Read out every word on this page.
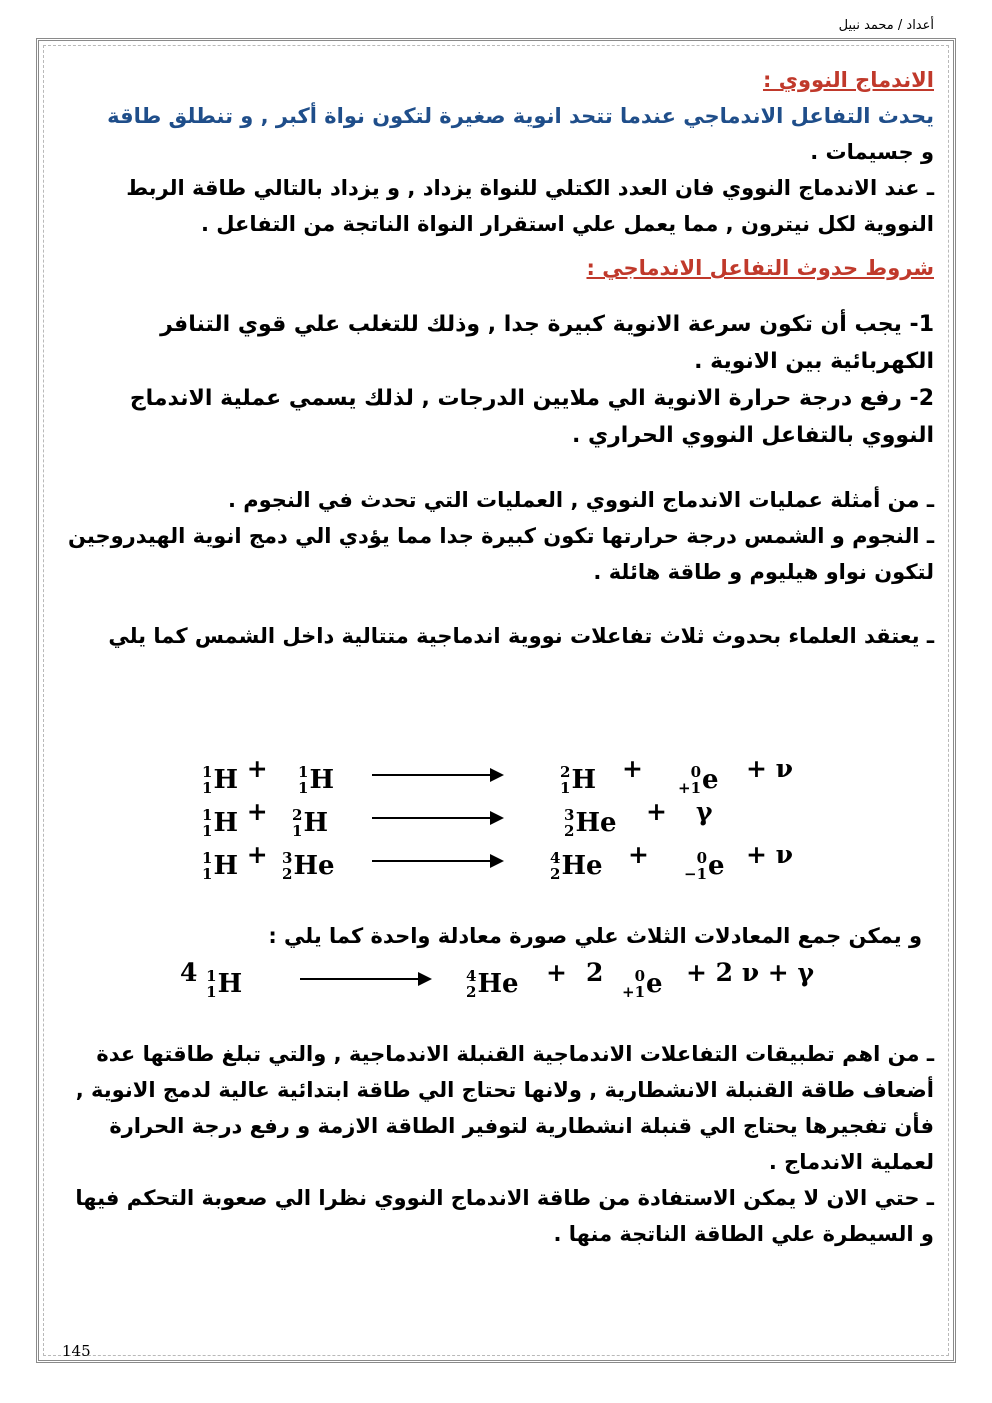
أعداد / محمد نبيل

الاندماج النووي :

يحدث التفاعل الاندماجي عندما تتحد انوية صغيرة لتكون نواة أكبر , و تنطلق طاقة

و جسيمات .

ـ عند الاندماج النووي فان العدد الكتلي للنواة يزداد , و يزداد بالتالي طاقة الربط النووية لكل نيترون , مما يعمل علي استقرار النواة الناتجة من التفاعل .

شروط حدوث التفاعل الاندماجي :

1- يجب أن تكون سرعة الانوية كبيرة جدا , وذلك للتغلب علي قوي التنافر الكهربائية بين الانوية .

2- رفع درجة حرارة الانوية الي ملايين الدرجات , لذلك يسمي عملية الاندماج النووي بالتفاعل النووي الحراري .

ـ من أمثلة عمليات الاندماج النووي , العمليات التي تحدث في النجوم .

ـ النجوم و الشمس درجة حرارتها تكون كبيرة جدا مما يؤدي الي دمج انوية الهيدروجين لتكون نواو هيليوم و طاقة هائلة .

ـ يعتقد العلماء بحدوث ثلاث تفاعلات نووية اندماجية متتالية داخل الشمس كما يلي

و يمكن جمع المعادلات الثلاث علي صورة معادلة واحدة كما يلي :

ـ من اهم تطبيقات التفاعلات الاندماجية القنبلة الاندماجية , والتي تبلغ طاقتها عدة أضعاف طاقة القنبلة الانشطارية , ولانها تحتاج الي طاقة ابتدائية عالية لدمج الانوية , فأن تفجيرها يحتاج الي قنبلة انشطارية لتوفير الطاقة الازمة و رفع درجة الحرارة لعملية الاندماج .

ـ حتي الان لا يمكن الاستفادة من طاقة الاندماج النووي نظرا الي صعوبة التحكم فيها و السيطرة علي الطاقة الناتجة منها .

1
1 H + 1
1 H	2
1 H +	0
+1 e + ν
1
1 H + 2
1 H	3
2 He + γ
1
1 H + 3
2 He	4
2 He +	0
−1 e + ν
4 1
1 H	4
2 He + 2 0
+1 e + 2 ν + γ
145
